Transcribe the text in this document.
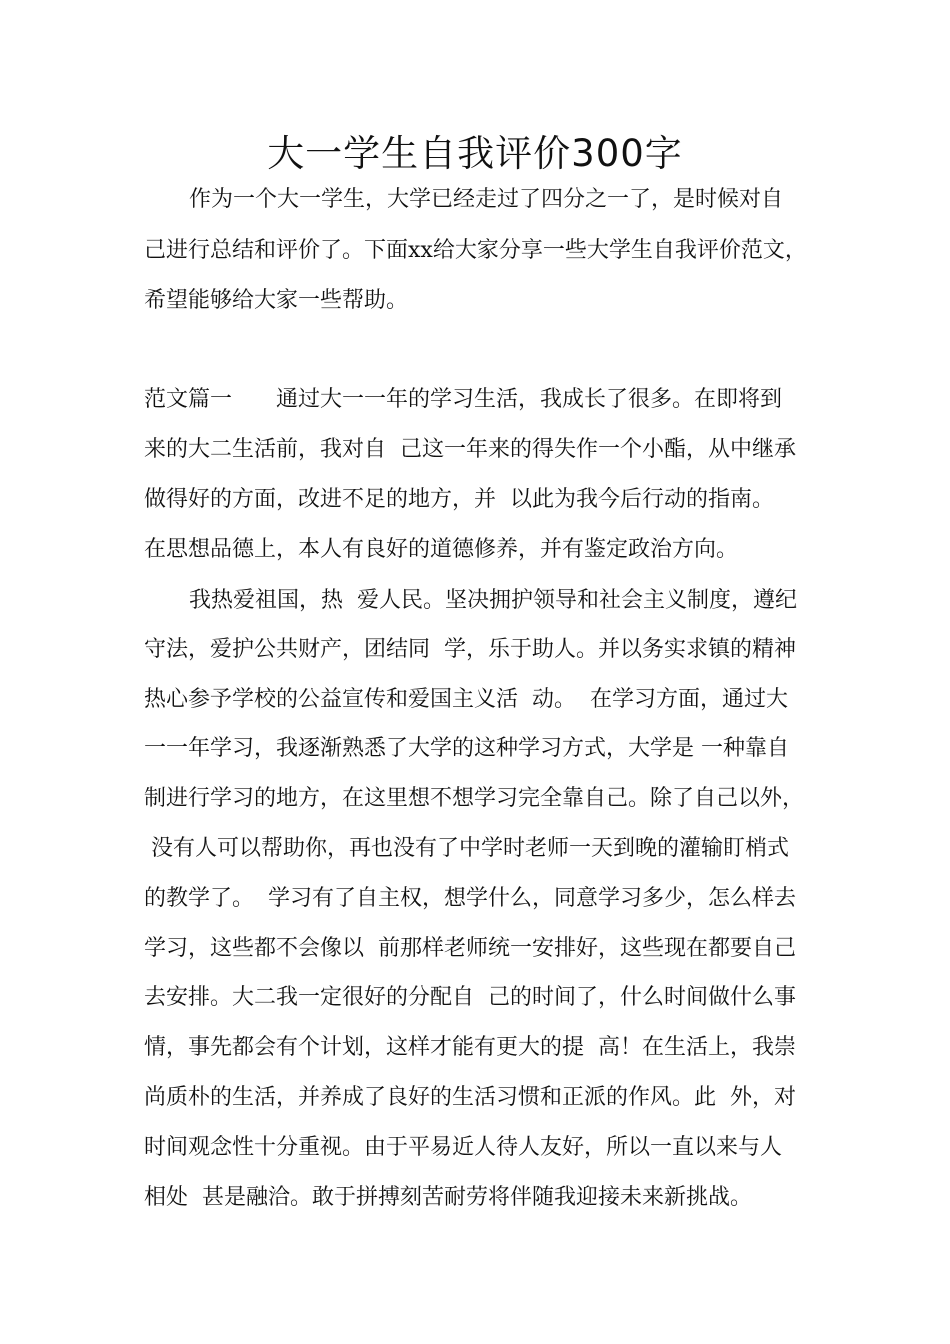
大一学生自我评价300字

作为一个大一学生，大学已经走过了四分之一了，是时候对自

己进行总结和评价了。下面xx给大家分享一些大学生自我评价范文，

希望能够给大家一些帮助。

范文篇一 通过大一一年的学习生活，我成长了很多。在即将到

来的大二生活前，我对自  己这一年来的得失作一个小酯，从中继承

做得好的方面，改进不足的地方，并  以此为我今后行动的指南。

在思想品德上，本人有良好的道德修养，并有鉴定政治方向。

我热爱祖国，热  爱人民。坚决拥护领导和社会主义制度，遵纪

守法，爱护公共财产，团结同  学，乐于助人。并以务实求镇的精神

热心参予学校的公益宣传和爱国主义活  动。  在学习方面，通过大

一一年学习，我逐渐熟悉了大学的这种学习方式，大学是 一种靠自

制进行学习的地方，在这里想不想学习完全靠自己。除了自己以外，

没有人可以帮助你，再也没有了中学时老师一天到晚的灌输盯梢式

的教学了。  学习有了自主权，想学什么，同意学习多少，怎么样去

学习，这些都不会像以  前那样老师统一安排好，这些现在都要自己

去安排。大二我一定很好的分配自  己的时间了，什么时间做什么事

情，事先都会有个计划，这样才能有更大的提  高！在生活上，我崇

尚质朴的生活，并养成了良好的生活习惯和正派的作风。此  外，对

时间观念性十分重视。由于平易近人待人友好，所以一直以来与人

相处  甚是融洽。敢于拼搏刻苦耐劳将伴随我迎接未来新挑战。
